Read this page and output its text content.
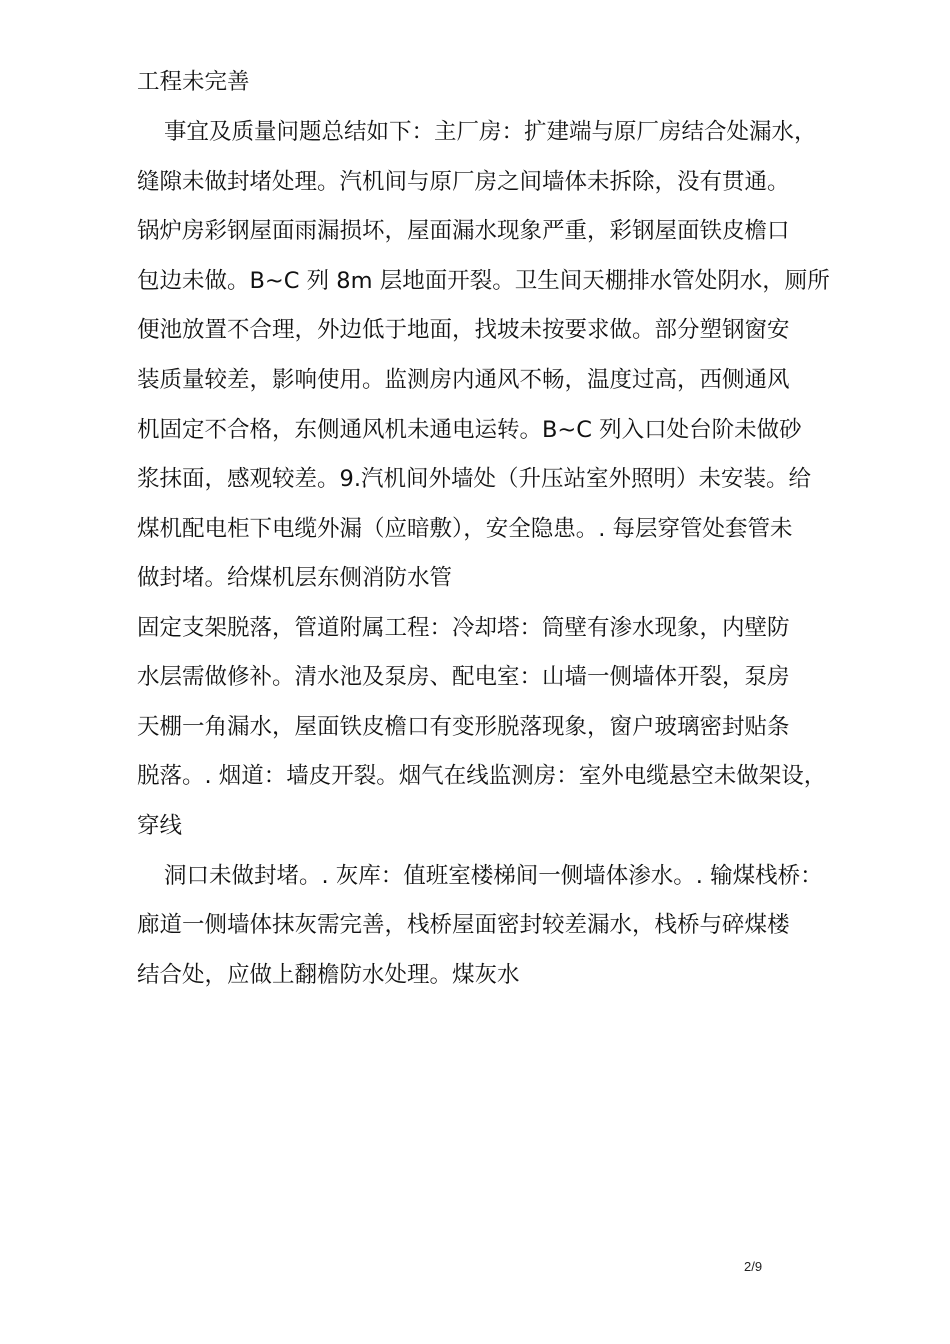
工程未完善
事宜及质量问题总结如下：主厂房：扩建端与原厂房结合处漏水，
缝隙未做封堵处理。汽机间与原厂房之间墙体未拆除，没有贯通。
锅炉房彩钢屋面雨漏损坏，屋面漏水现象严重，彩钢屋面铁皮檐口
包边未做。B~C 列 8m 层地面开裂。卫生间天棚排水管处阴水，厕所
便池放置不合理，外边低于地面，找坡未按要求做。部分塑钢窗安
装质量较差，影响使用。监测房内通风不畅，温度过高，西侧通风
机固定不合格，东侧通风机未通电运转。B~C 列入口处台阶未做砂
浆抹面，感观较差。9.汽机间外墙处（升压站室外照明）未安装。给
煤机配电柜下电缆外漏（应暗敷），安全隐患。. 每层穿管处套管未
做封堵。给煤机层东侧消防水管
固定支架脱落，管道附属工程：冷却塔：筒壁有渗水现象，内壁防
水层需做修补。清水池及泵房、配电室：山墙一侧墙体开裂，泵房
天棚一角漏水，屋面铁皮檐口有变形脱落现象，窗户玻璃密封贴条
脱落。. 烟道：墙皮开裂。烟气在线监测房：室外电缆悬空未做架设，
穿线
洞口未做封堵。. 灰库：值班室楼梯间一侧墙体渗水。. 输煤栈桥：
廊道一侧墙体抹灰需完善，栈桥屋面密封较差漏水，栈桥与碎煤楼
结合处，应做上翻檐防水处理。煤灰水
2/9
